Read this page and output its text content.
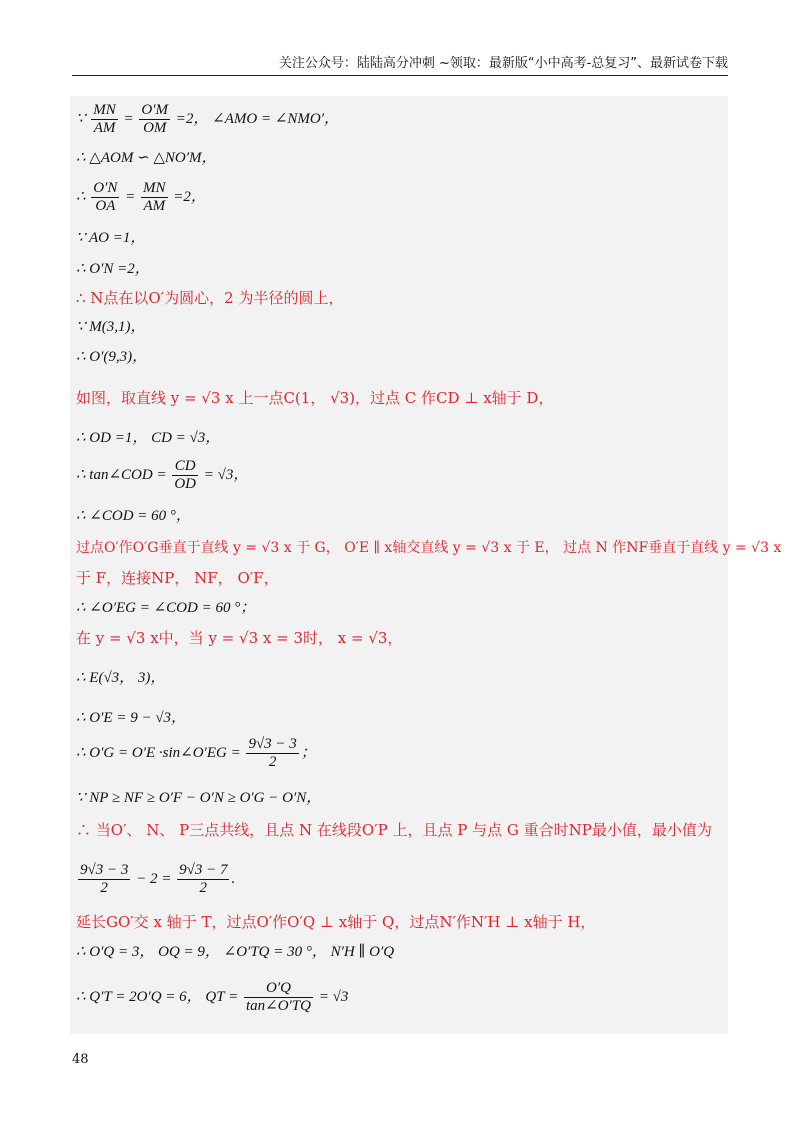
关注公众号：陆陆高分冲刺 ~领取：最新版“小中高考-总复习”、最新试卷下载
∵ $\frac{MN}{AM} = \frac{O'M}{OM} =2$， ∠AMO = ∠NMO′，
∴ △AOM ∽ △NO′M，
∴ $\frac{O'N}{OA} = \frac{MN}{AM} =2$，
∵ AO =1，
∴ O′N =2，
∴ N点在以O′为圆心，2 为半径的圆上，
∵ M(3,1)，
∴ O′(9,3)，
如图，取直线 y = √3 x 上一点C(1， √3)，过点 C 作CD ⊥ x轴于 D，
∴ OD =1， CD = √3，
∴ tan∠COD = $\frac{CD}{OD} = √3$，
∴ ∠COD = 60 °，
过点O′作O′G垂直于直线 y = √3 x 于 G， O′E ∥ x轴交直线 y = √3 x 于 E， 过点 N 作NF垂直于直线 y = √3 x
于 F，连接NP， NF， O′F，
∴ ∠O′EG = ∠COD = 60 °；
在 y = √3 x中，当 y = √3 x = 3时， x = √3，
∴ E(√3， 3)，
∴ O′E = 9 − √3，
∴ O′G = O′E ·sin∠O′EG = $\frac{9√3 - 3}{2}$ ；
∵ NP ≥ NF ≥ O′F − O′N ≥ O′G − O′N，
∴ 当O′、 N、 P三点共线，且点 N 在线段O′P 上，且点 P 与点 G 重合时NP最小值，最小值为
$\frac{9√3 - 3}{2} - 2 = \frac{9√3 - 7}{2}$ .
延长GO′交 x 轴于 T，过点O′作O′Q ⊥ x轴于 Q，过点N′作N′H ⊥ x轴于 H，
∴ O′Q = 3， OQ = 9， ∠O′TQ = 30 °， N′H ∥ O′Q
∴ Q′T = 2O′Q = 6， QT = $\frac{O'Q}{\tan\angle O'TQ} = √3$
48
